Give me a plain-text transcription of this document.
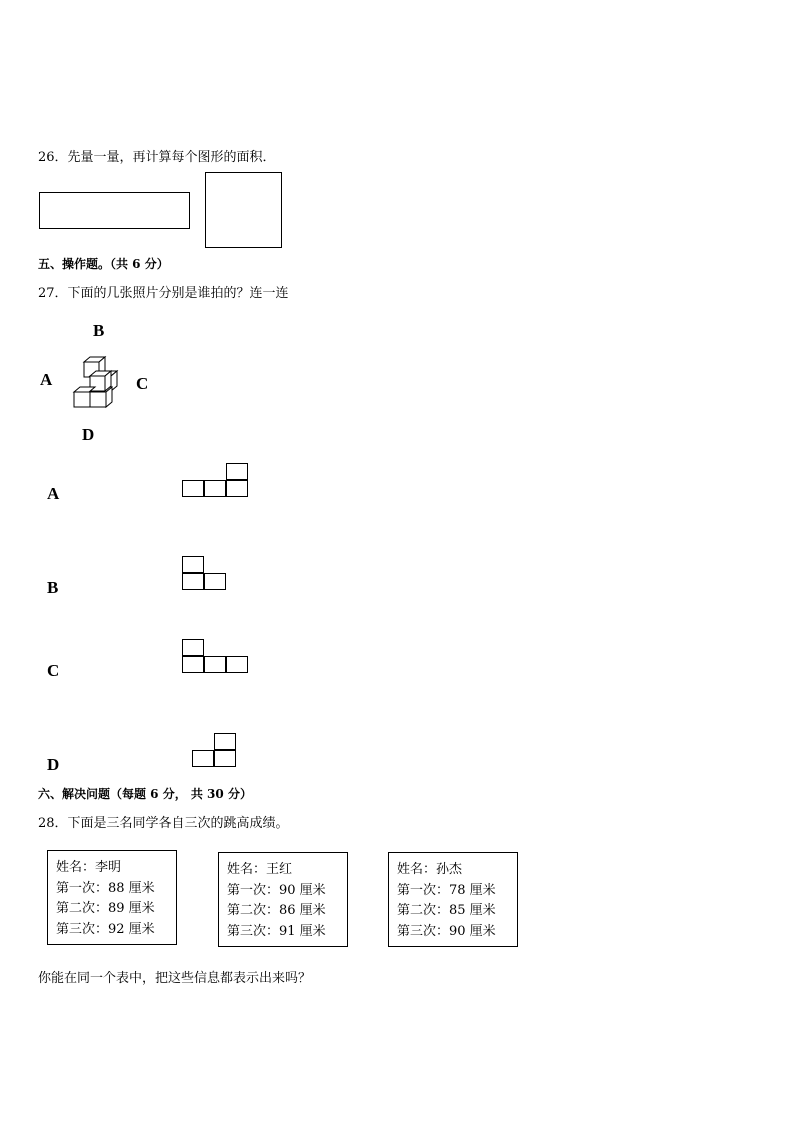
26．先量一量，再计算每个图形的面积．
五、操作题。（共 6 分）
27．下面的几张照片分别是谁拍的？连一连
B
A	C
D
A
B
C
D
六、解决问题（每题 6 分， 共 30 分）
28．下面是三名同学各自三次的跳高成绩。
姓名：李明
第一次：88 厘米
第二次：89 厘米
第三次：92 厘米
姓名：王红
第一次：90 厘米
第二次：86 厘米
第三次：91 厘米
姓名：孙杰
第一次：78 厘米
第二次：85 厘米
第三次：90 厘米
你能在同一个表中，把这些信息都表示出来吗？
